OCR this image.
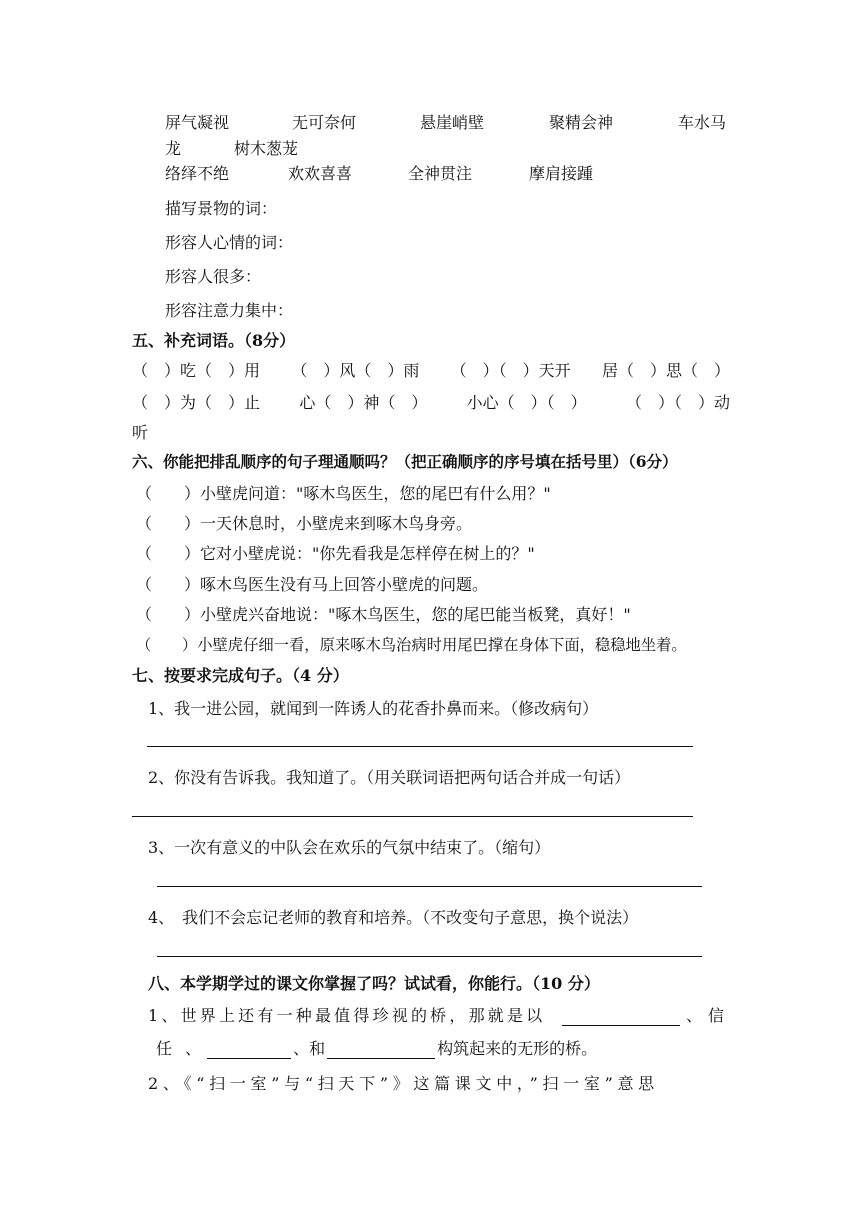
屏气凝视	无可奈何	悬崖峭壁	聚精会神	车水马
龙	树木葱茏
络绎不绝	欢欢喜喜	全神贯注	摩肩接踵
描写景物的词：
形容人心情的词：
形容人很多：
形容注意力集中：
五、补充词语。（8分）
（　）吃（　）用 （　）风（　）雨 （　）（　）天开 居（　）思（　）
（　）为（　）止 心（　）神（　） 小心（　）（　） （　）（　）动
听
六、你能把排乱顺序的句子理通顺吗？（把正确顺序的序号填在括号里）（6分）
（　　）小壁虎问道："啄木鸟医生，您的尾巴有什么用？"
（　　）一天休息时，小壁虎来到啄木鸟身旁。
（　　）它对小壁虎说："你先看我是怎样停在树上的？"
（　　）啄木鸟医生没有马上回答小壁虎的问题。
（　　）小壁虎兴奋地说："啄木鸟医生，您的尾巴能当板凳，真好！"
（　　）小壁虎仔细一看，原来啄木鸟治病时用尾巴撑在身体下面，稳稳地坐着。
七、按要求完成句子。（4 分）
1、我一进公园，就闻到一阵诱人的花香扑鼻而来。（修改病句）
2、你没有告诉我。我知道了。（用关联词语把两句话合并成一句话）
3、一次有意义的中队会在欢乐的气氛中结束了。（缩句）
4、　我们不会忘记老师的教育和培养。（不改变句子意思，换个说法）
八、本学期学过的课文你掌握了吗？试试看，你能行。（10 分）
1、世界上还有一种最值得珍视的桥，那就是以	、信
任 、	、和	构筑起来的无形的桥。
2、《“扫一室”与“扫天下”》这篇课文中，”扫一室”意思
